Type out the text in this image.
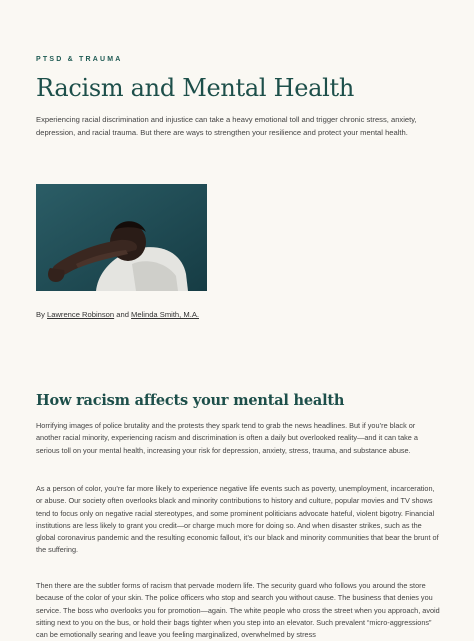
PTSD & TRAUMA
Racism and Mental Health

Experiencing racial discrimination and injustice can take a heavy emotional toll and trigger chronic stress, anxiety, depression, and racial trauma. But there are ways to strengthen your resilience and protect your mental health.

By Lawrence Robinson and Melinda Smith, M.A.

How racism affects your mental health

Horrifying images of police brutality and the protests they spark tend to grab the news headlines. But if you’re black or another racial minority, experiencing racism and discrimination is often a daily but overlooked reality—and it can take a serious toll on your mental health, increasing your risk for depression, anxiety, stress, trauma, and substance abuse.

As a person of color, you’re far more likely to experience negative life events such as poverty, unemployment, incarceration, or abuse. Our society often overlooks black and minority contributions to history and culture, popular movies and TV shows tend to focus only on negative racial stereotypes, and some prominent politicians advocate hateful, violent bigotry. Financial institutions are less likely to grant you credit—or charge much more for doing so. And when disaster strikes, such as the global coronavirus pandemic and the resulting economic fallout, it’s our black and minority communities that bear the brunt of the suffering.

Then there are the subtler forms of racism that pervade modern life. The security guard who follows you around the store because of the color of your skin. The police officers who stop and search you without cause. The business that denies you service. The boss who overlooks you for promotion—again. The white people who cross the street when you approach, avoid sitting next to you on the bus, or hold their bags tighter when you step into an elevator. Such prevalent “micro-aggressions” can be emotionally searing and leave you feeling marginalized, overwhelmed by stress
